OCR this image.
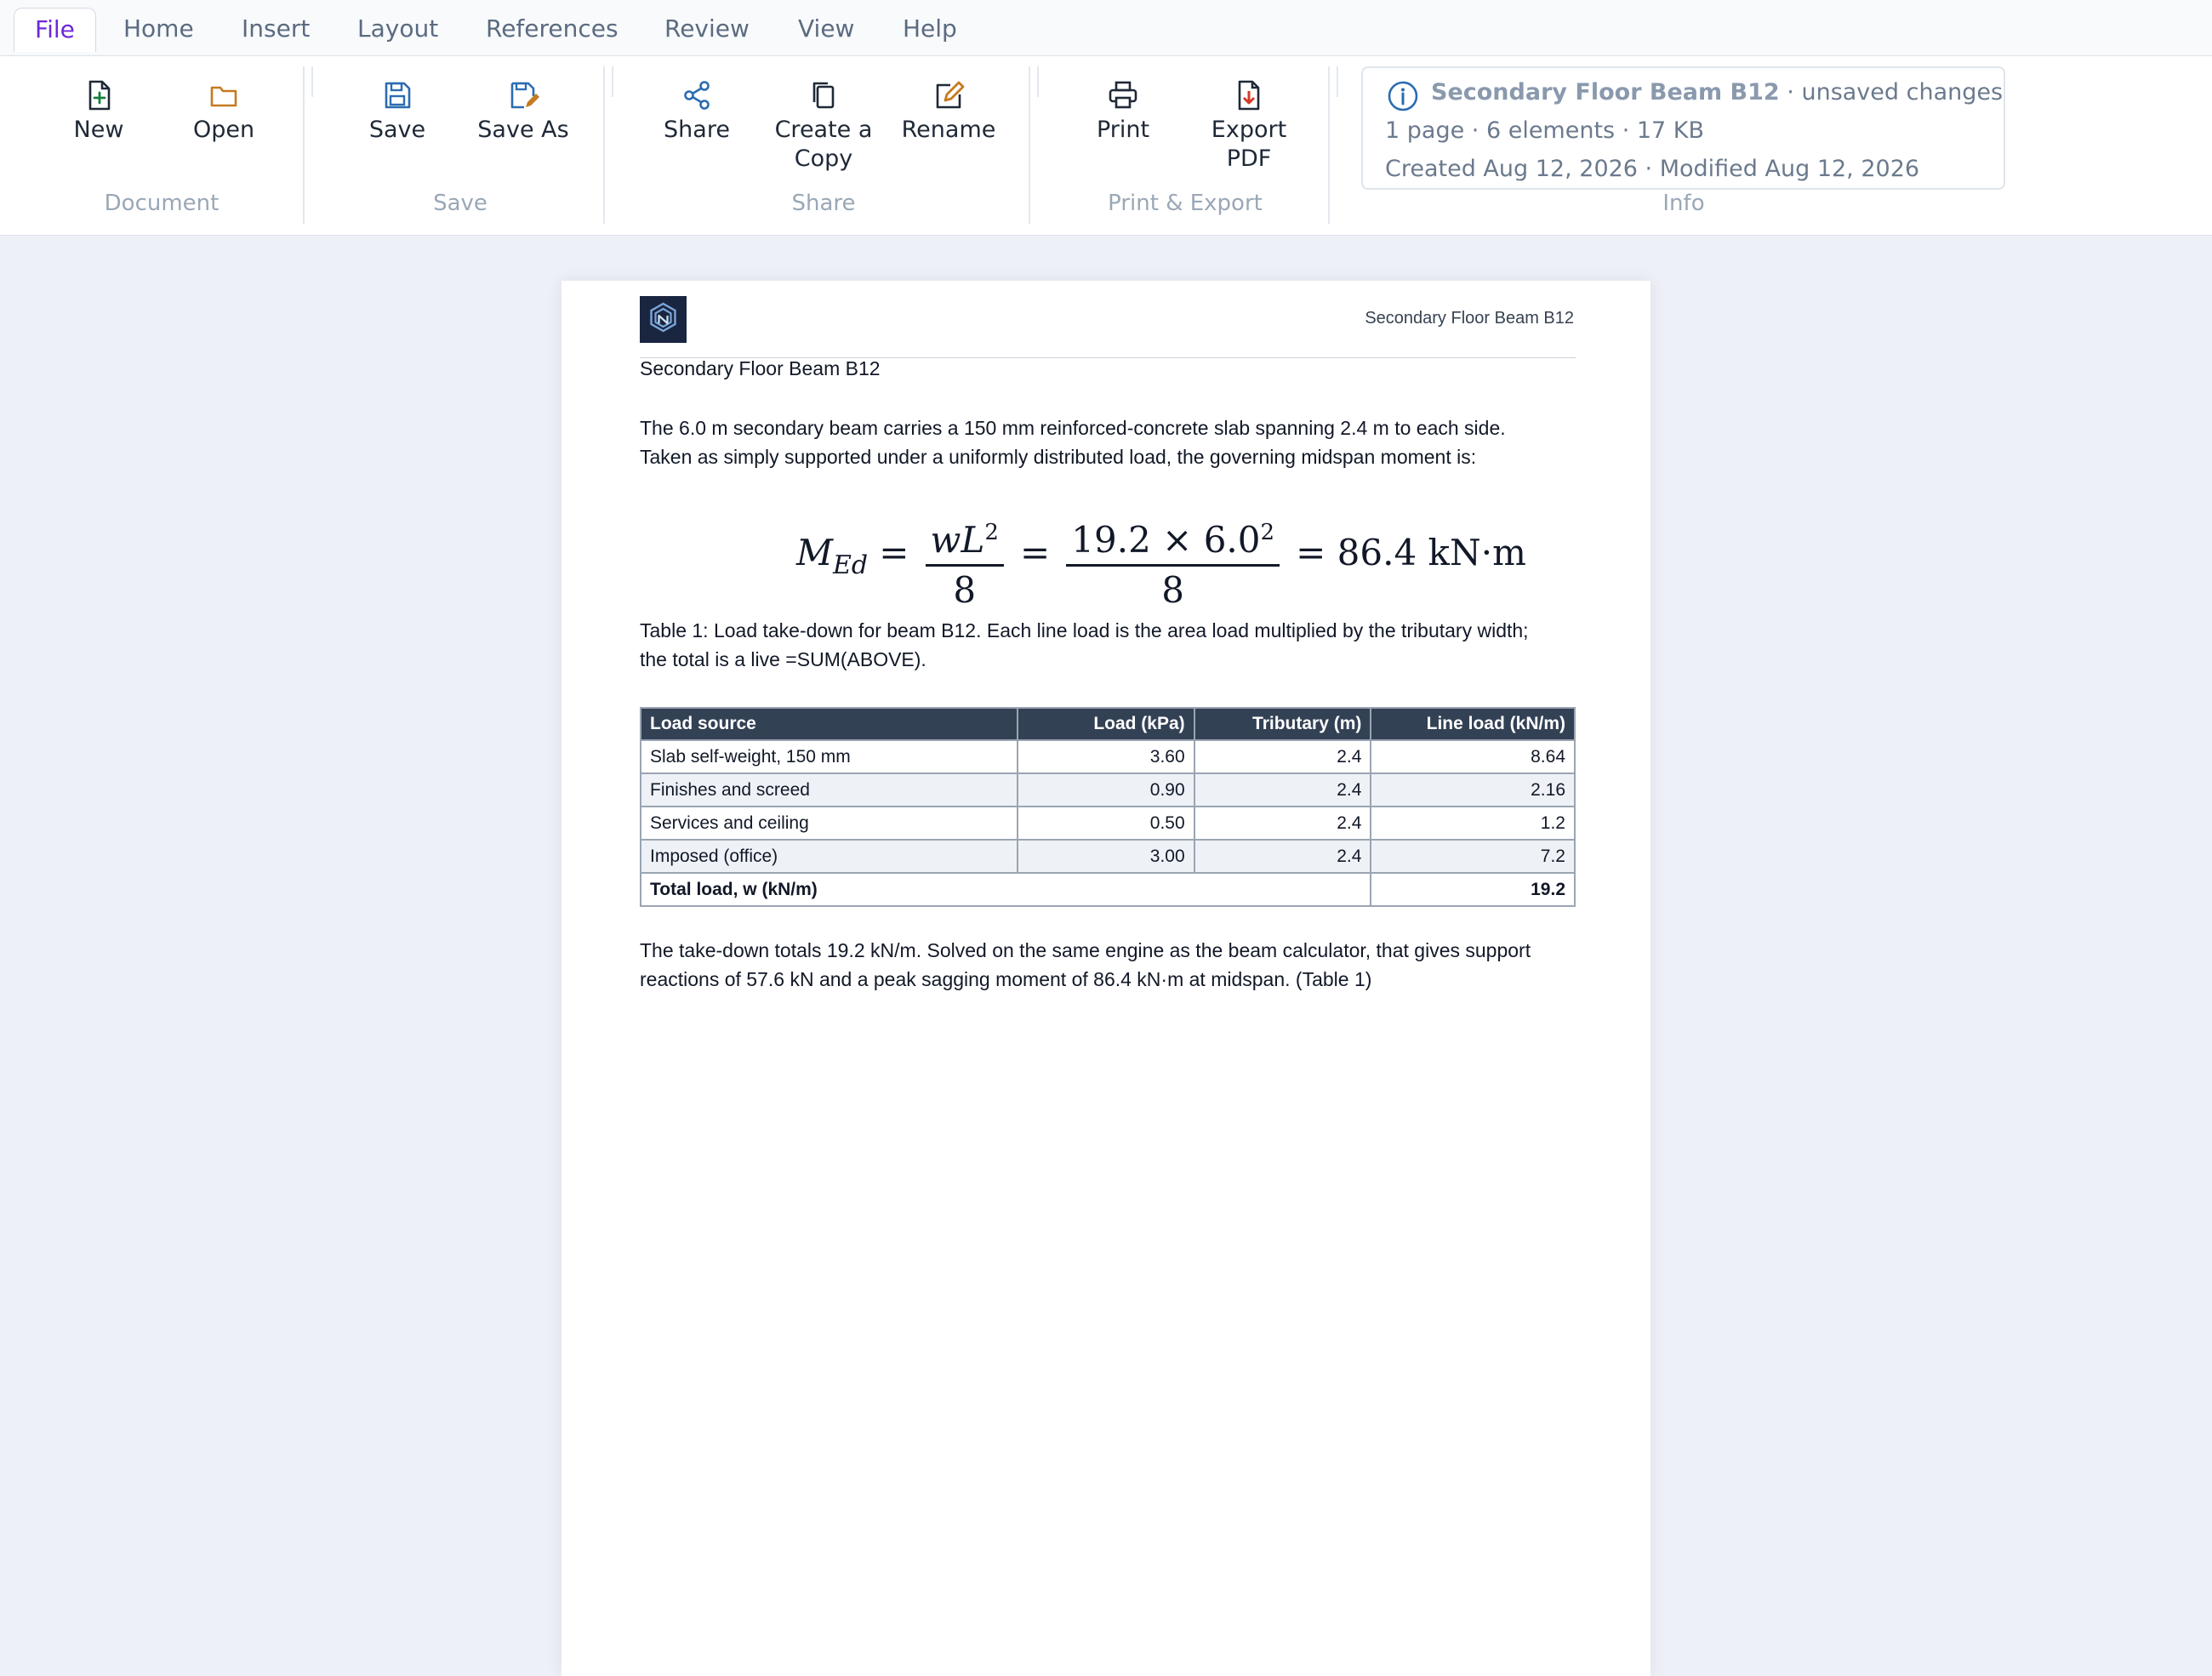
File	Home	Insert	Layout	References	Review	View	Help
New	Open
Document
Save	Save As
Save
Share	Create a
Copy
Rename
Share
Print	Export
PDF
Print & Export
Secondary Floor Beam B12 · unsaved changes
1 page · 6 elements · 17 KB
Created Aug 12, 2026 · Modified Aug 12, 2026
Info
Secondary Floor Beam B12
Secondary Floor Beam B12
The 6.0 m secondary beam carries a 150 mm reinforced-concrete slab spanning 2.4 m to each side.
Taken as simply supported under a uniformly distributed load, the governing midspan moment is:
MEd = $\frac{wL^2}{8} = \frac{19.2 \times 6.0^2}{8} = 86.4$ kN·m
Table 1: Load take-down for beam B12. Each line load is the area load multiplied by the tributary width;
the total is a live =SUM(ABOVE).
Load source	Load (kPa)	Tributary (m)	Line load (kN/m)
Slab self-weight, 150 mm	3.60	2.4	8.64
Finishes and screed	0.90	2.4	2.16
Services and ceiling	0.50	2.4	1.2
Imposed (office)	3.00	2.4	7.2
Total load, w (kN/m)			19.2
The take-down totals 19.2 kN/m. Solved on the same engine as the beam calculator, that gives support
reactions of 57.6 kN and a peak sagging moment of 86.4 kN·m at midspan. (Table 1)
